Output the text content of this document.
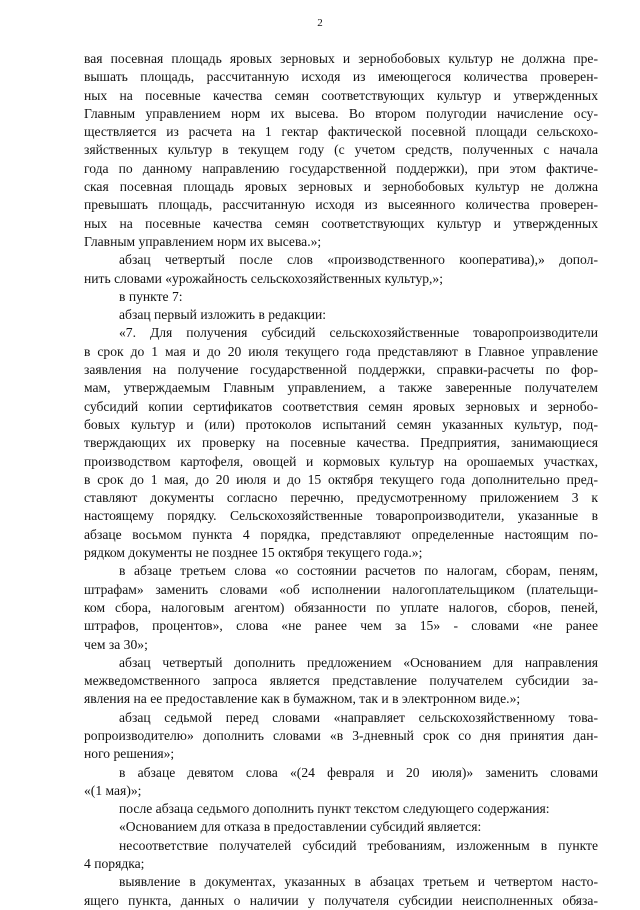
2
вая посевная площадь яровых зерновых и зернобобовых культур не должна пре-
вышать площадь, рассчитанную исходя из имеющегося количества проверен-
ных на посевные качества семян соответствующих культур и утвержденных
Главным управлением норм их высева. Во втором полугодии начисление осу-
ществляется из расчета на 1 гектар фактической посевной площади сельскохо-
зяйственных культур в текущем году (с учетом средств, полученных с начала
года по данному направлению государственной поддержки), при этом фактиче-
ская посевная площадь яровых зерновых и зернобобовых культур не должна
превышать площадь, рассчитанную исходя из высеянного количества проверен-
ных на посевные качества семян соответствующих культур и утвержденных
Главным управлением норм их высева.»;
абзац четвертый после слов «производственного кооператива),» допол-
нить словами «урожайность сельскохозяйственных культур,»;
в пункте 7:
абзац первый изложить в редакции:
«7. Для получения субсидий сельскохозяйственные товаропроизводители
в срок до 1 мая и до 20 июля текущего года представляют в Главное управление
заявления на получение государственной поддержки, справки-расчеты по фор-
мам, утверждаемым Главным управлением, а также заверенные получателем
субсидий копии сертификатов соответствия семян яровых зерновых и зернобо-
бовых культур и (или) протоколов испытаний семян указанных культур, под-
тверждающих их проверку на посевные качества. Предприятия, занимающиеся
производством картофеля, овощей и кормовых культур на орошаемых участках,
в срок до 1 мая, до 20 июля и до 15 октября текущего года дополнительно пред-
ставляют документы согласно перечню, предусмотренному приложением 3 к
настоящему порядку. Сельскохозяйственные товаропроизводители, указанные в
абзаце восьмом пункта 4 порядка, представляют определенные настоящим по-
рядком документы не позднее 15 октября текущего года.»;
в абзаце третьем слова «о состоянии расчетов по налогам, сборам, пеням,
штрафам» заменить словами «об исполнении налогоплательщиком (плательщи-
ком сбора, налоговым агентом) обязанности по уплате налогов, сборов, пеней,
штрафов, процентов», слова «не ранее чем за 15» - словами «не ранее
чем за 30»;
абзац четвертый дополнить предложением «Основанием для направления
межведомственного запроса является представление получателем субсидии за-
явления на ее предоставление как в бумажном, так и в электронном виде.»;
абзац седьмой перед словами «направляет сельскохозяйственному това-
ропроизводителю» дополнить словами «в 3-дневный срок со дня принятия дан-
ного решения»;
в абзаце девятом слова «(24 февраля и 20 июля)» заменить словами
«(1 мая)»;
после абзаца седьмого дополнить пункт текстом следующего содержания:
«Основанием для отказа в предоставлении субсидий является:
несоответствие получателей субсидий требованиям, изложенным в пункте
4 порядка;
выявление в документах, указанных в абзацах третьем и четвертом насто-
ящего пункта, данных о наличии у получателя субсидии неисполненных обяза-
